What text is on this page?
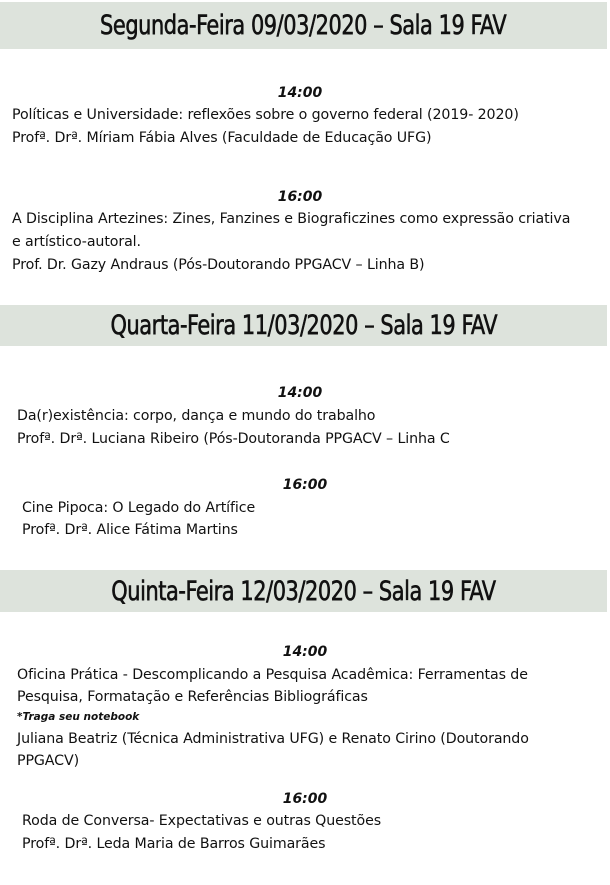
Segunda-Feira 09/03/2020 – Sala 19 FAV
14:00
Políticas e Universidade: reflexões sobre o governo federal (2019- 2020)
Profª. Drª. Míriam Fábia Alves (Faculdade de Educação UFG)
16:00
A Disciplina Artezines: Zines, Fanzines e Biograficzines como expressão criativa
e artístico-autoral.
Prof. Dr. Gazy Andraus (Pós-Doutorando PPGACV – Linha B)
Quarta-Feira 11/03/2020 – Sala 19 FAV
14:00
Da(r)existência: corpo, dança e mundo do trabalho
Profª. Drª. Luciana Ribeiro (Pós-Doutoranda PPGACV – Linha C
16:00
Cine Pipoca: O Legado do Artífice
Profª. Drª. Alice Fátima Martins
Quinta-Feira 12/03/2020 – Sala 19 FAV
14:00
Oficina Prática - Descomplicando a Pesquisa Acadêmica: Ferramentas de
Pesquisa, Formatação e Referências Bibliográficas
*Traga seu notebook
Juliana Beatriz (Técnica Administrativa UFG) e Renato Cirino (Doutorando
PPGACV)
16:00
Roda de Conversa- Expectativas e outras Questões
Profª. Drª. Leda Maria de Barros Guimarães
